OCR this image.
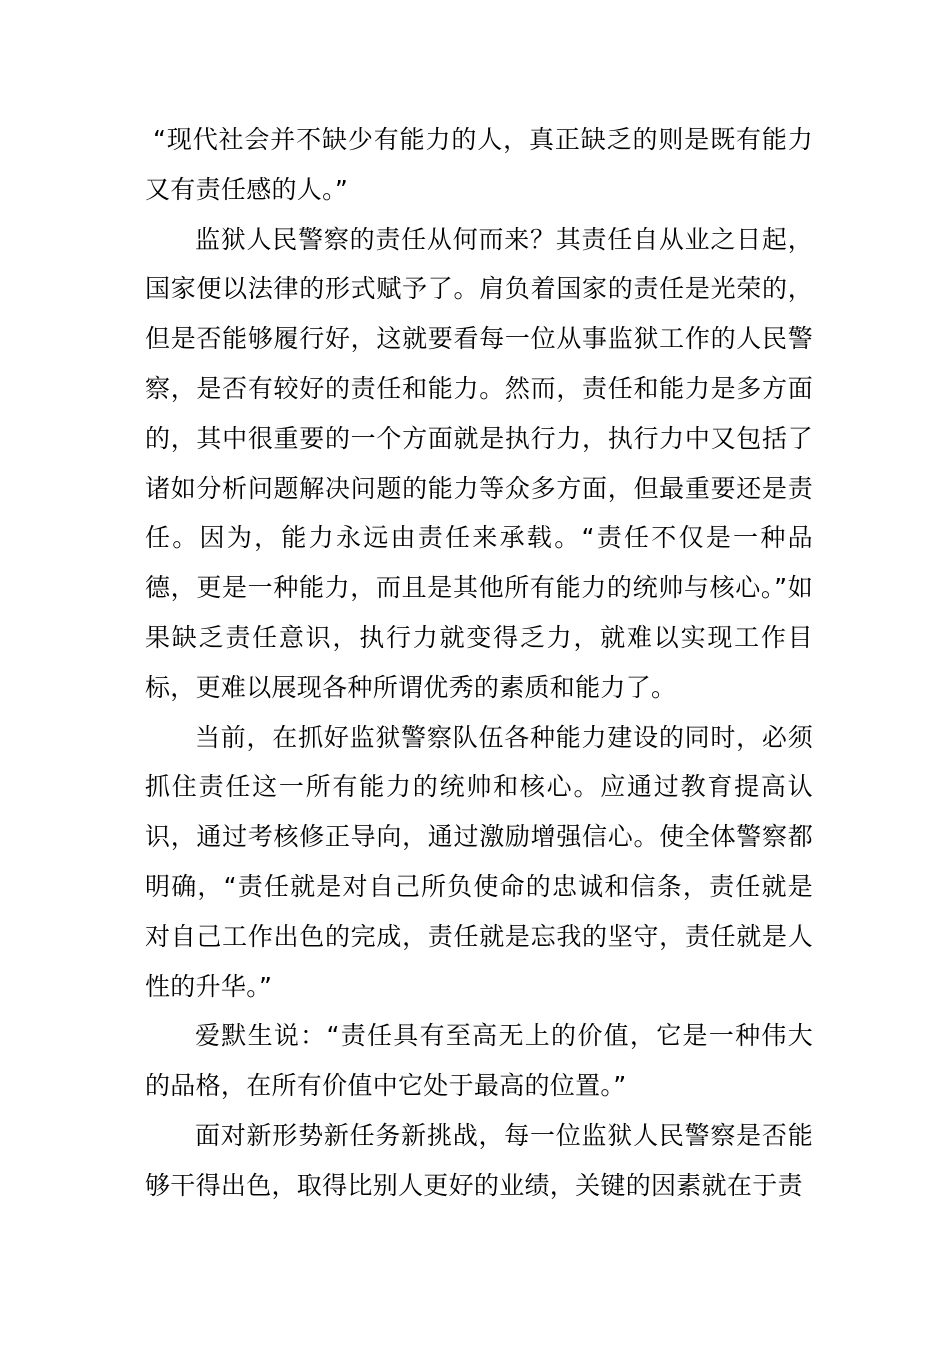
“现代社会并不缺少有能力的人，真正缺乏的则是既有能力又有责任感的人。”

监狱人民警察的责任从何而来？其责任自从业之日起，国家便以法律的形式赋予了。肩负着国家的责任是光荣的，但是否能够履行好，这就要看每一位从事监狱工作的人民警察，是否有较好的责任和能力。然而，责任和能力是多方面的，其中很重要的一个方面就是执行力，执行力中又包括了诸如分析问题解决问题的能力等众多方面，但最重要还是责任。因为，能力永远由责任来承载。“责任不仅是一种品德，更是一种能力，而且是其他所有能力的统帅与核心。”如果缺乏责任意识，执行力就变得乏力，就难以实现工作目标，更难以展现各种所谓优秀的素质和能力了。

当前，在抓好监狱警察队伍各种能力建设的同时，必须抓住责任这一所有能力的统帅和核心。应通过教育提高认识，通过考核修正导向，通过激励增强信心。使全体警察都明确，“责任就是对自己所负使命的忠诚和信条，责任就是对自己工作出色的完成，责任就是忘我的坚守，责任就是人性的升华。”

爱默生说：“责任具有至高无上的价值，它是一种伟大的品格，在所有价值中它处于最高的位置。”

面对新形势新任务新挑战，每一位监狱人民警察是否能够干得出色，取得比别人更好的业绩，关键的因素就在于责
